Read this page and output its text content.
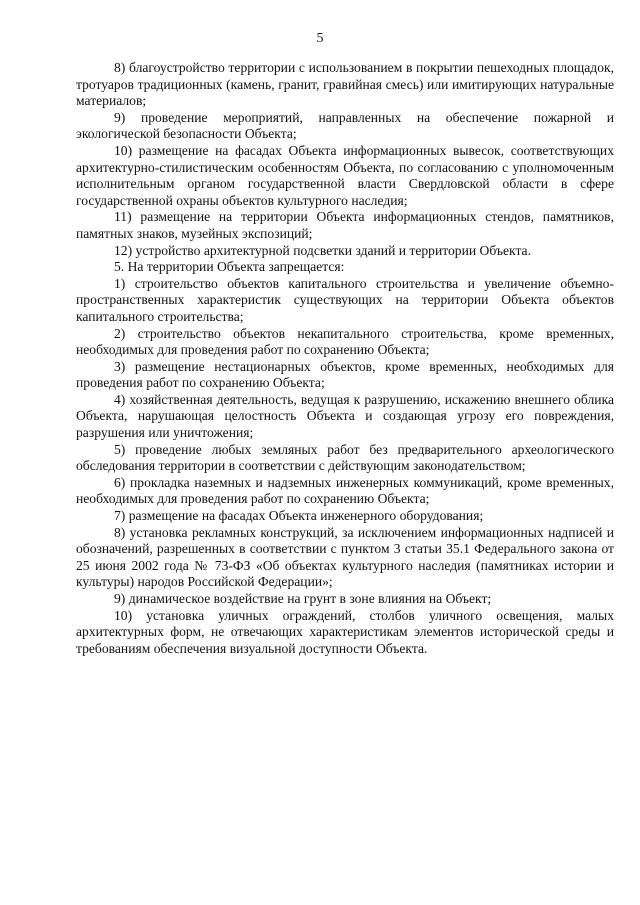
5

8) благоустройство территории с использованием в покрытии пешеходных площадок, тротуаров традиционных (камень, гранит, гравийная смесь) или имитирующих натуральные материалов;

9) проведение мероприятий, направленных на обеспечение пожарной и экологической безопасности Объекта;

10) размещение на фасадах Объекта информационных вывесок, соответствующих архитектурно-стилистическим особенностям Объекта, по согласованию с уполномоченным исполнительным органом государственной власти Свердловской области в сфере государственной охраны объектов культурного наследия;

11) размещение на территории Объекта информационных стендов, памятников, памятных знаков, музейных экспозиций;

12) устройство архитектурной подсветки зданий и территории Объекта.

5. На территории Объекта запрещается:

1) строительство объектов капитального строительства и увеличение объемно-пространственных характеристик существующих на территории Объекта объектов капитального строительства;

2) строительство объектов некапитального строительства, кроме временных, необходимых для проведения работ по сохранению Объекта;

3) размещение нестационарных объектов, кроме временных, необходимых для проведения работ по сохранению Объекта;

4) хозяйственная деятельность, ведущая к разрушению, искажению внешнего облика Объекта, нарушающая целостность Объекта и создающая угрозу его повреждения, разрушения или уничтожения;

5) проведение любых земляных работ без предварительного археологического обследования территории в соответствии с действующим законодательством;

6) прокладка наземных и надземных инженерных коммуникаций, кроме временных, необходимых для проведения работ по сохранению Объекта;

7) размещение на фасадах Объекта инженерного оборудования;

8) установка рекламных конструкций, за исключением информационных надписей и обозначений, разрешенных в соответствии с пунктом 3 статьи 35.1 Федерального закона от 25 июня 2002 года № 73-ФЗ «Об объектах культурного наследия (памятниках истории и культуры) народов Российской Федерации»;

9) динамическое воздействие на грунт в зоне влияния на Объект;

10) установка уличных ограждений, столбов уличного освещения, малых архитектурных форм, не отвечающих характеристикам элементов исторической среды и требованиям обеспечения визуальной доступности Объекта.
